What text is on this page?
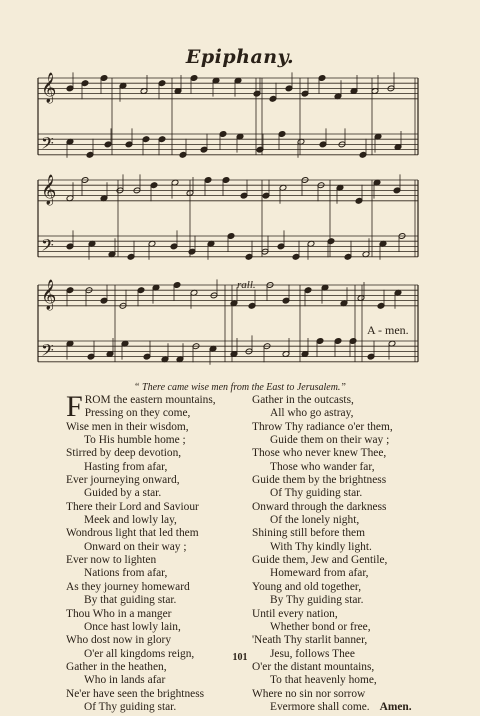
Epiphany.
𝄞
𝄢
𝄞
𝄢
𝄞
𝄢
rall.
A - men.
“ There came wise men from the East to Jerusalem.”
F ROM the eastern mountains,
Pressing on they come,
Wise men in their wisdom,
To His humble home ;
Stirred by deep devotion,
Hasting from afar,
Ever journeying onward,
Guided by a star.
There their Lord and Saviour
Meek and lowly lay,
Wondrous light that led them
Onward on their way ;
Ever now to lighten
Nations from afar,
As they journey homeward
By that guiding star.
Thou Who in a manger
Once hast lowly lain,
Who dost now in glory
O'er all kingdoms reign,
Gather in the heathen,
Who in lands afar
Ne'er have seen the brightness
Of Thy guiding star.
Gather in the outcasts,
All who go astray,
Throw Thy radiance o'er them,
Guide them on their way ;
Those who never knew Thee,
Those who wander far,
Guide them by the brightness
Of Thy guiding star.
Onward through the darkness
Of the lonely night,
Shining still before them
With Thy kindly light.
Guide them, Jew and Gentile,
Homeward from afar,
Young and old together,
By Thy guiding star.
Until every nation,
Whether bond or free,
'Neath Thy starlit banner,
Jesu, follows Thee
O'er the distant mountains,
To that heavenly home,
Where no sin nor sorrow
Evermore shall come. Amen.
101
